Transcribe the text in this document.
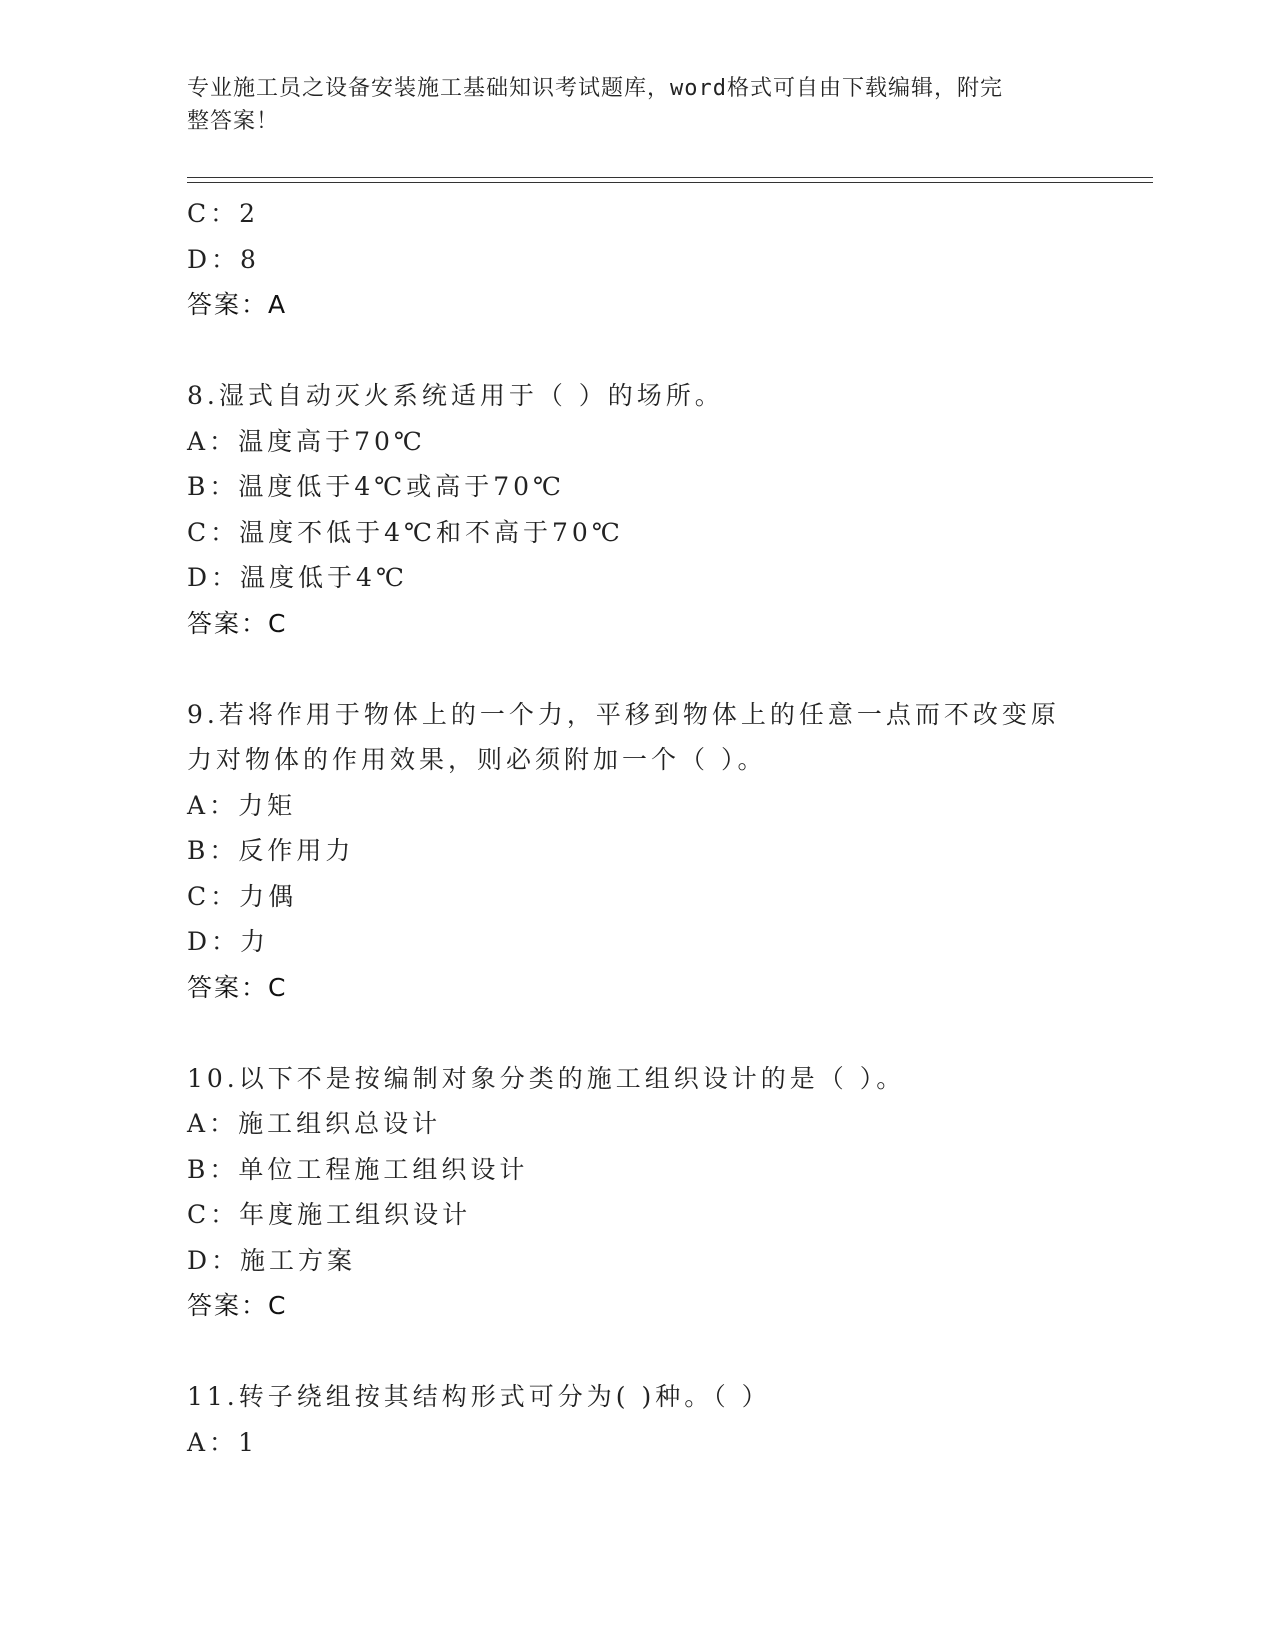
专业施工员之设备安装施工基础知识考试题库，word格式可自由下载编辑，附完
整答案！
C：2
D：8
答案：A
8.湿式自动灭火系统适用于（ ）的场所。
A：温度高于70℃
B：温度低于4℃或高于70℃
C：温度不低于4℃和不高于70℃
D：温度低于4℃
答案：C
9.若将作用于物体上的一个力，平移到物体上的任意一点而不改变原
力对物体的作用效果，则必须附加一个（ ）。
A：力矩
B：反作用力
C：力偶
D：力
答案：C
10.以下不是按编制对象分类的施工组织设计的是（ ）。
A：施工组织总设计
B：单位工程施工组织设计
C：年度施工组织设计
D：施工方案
答案：C
11.转子绕组按其结构形式可分为( )种。（ ）
A：1
